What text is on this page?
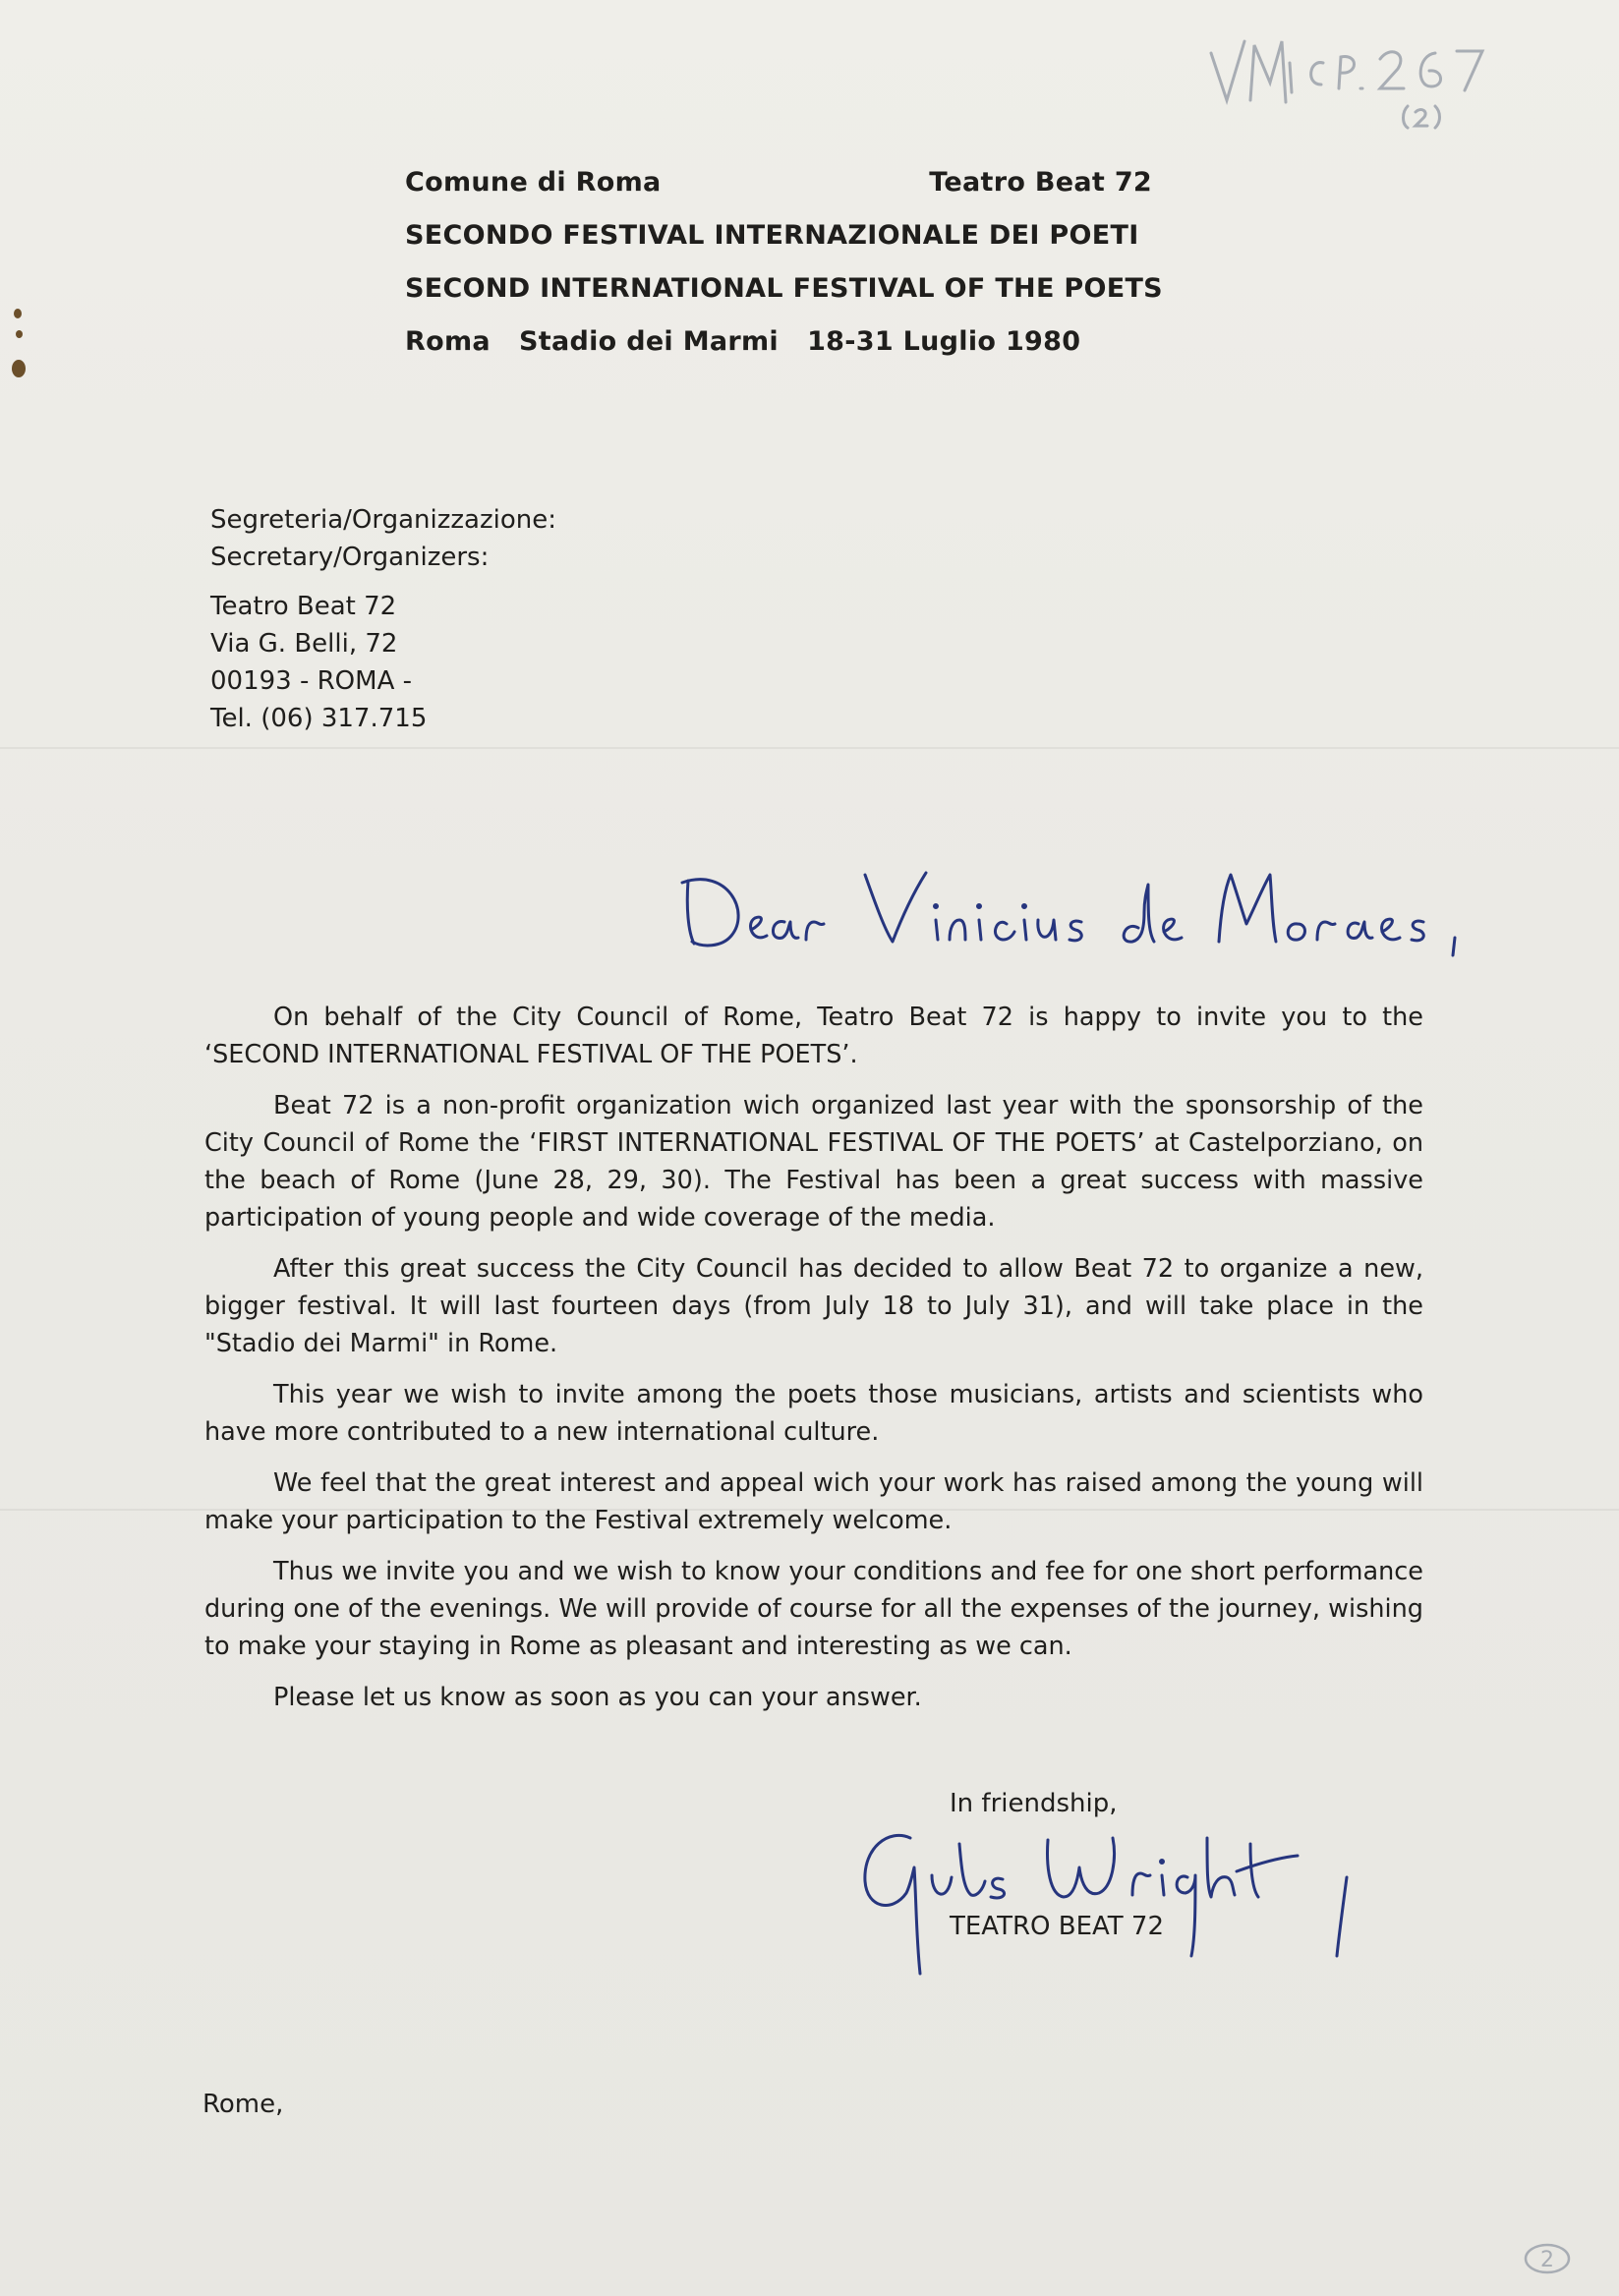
Comune di Roma	Teatro Beat 72
SECONDO FESTIVAL INTERNAZIONALE DEI POETI
SECOND INTERNATIONAL FESTIVAL OF THE POETS
Roma   Stadio dei Marmi   18-31 Luglio 1980
Segreteria/Organizzazione:
Secretary/Organizers:
Teatro Beat 72
Via G. Belli, 72
00193 - ROMA -
Tel. (06) 317.715

On behalf of the City Council of Rome, Teatro Beat 72 is happy to invite you to the ‘SECOND INTERNATIONAL FESTIVAL OF THE POETS’.

Beat 72 is a non-profit organization wich organized last year with the sponsorship of the City Council of Rome the ‘FIRST INTERNATIONAL FESTIVAL OF THE POETS’ at Castelporziano, on the beach of Rome (June 28, 29, 30). The Festival has been a great success with massive participation of young people and wide coverage of the media.

After this great success the City Council has decided to allow Beat 72 to organize a new, bigger festival. It will last fourteen days (from July 18 to July 31), and will take place in the "Stadio dei Marmi" in Rome.

This year we wish to invite among the poets those musicians, artists and scientists who have more contributed to a new international culture.

We feel that the great interest and appeal wich your work has raised among the young will make your participation to the Festival extremely welcome.

Thus we invite you and we wish to know your conditions and fee for one short performance during one of the evenings. We will provide of course for all the expenses of the journey, wishing to make your staying in Rome as pleasant and interesting as we can.

Please let us know as soon as you can your answer.

In friendship,
TEATRO BEAT 72
Rome,
2
